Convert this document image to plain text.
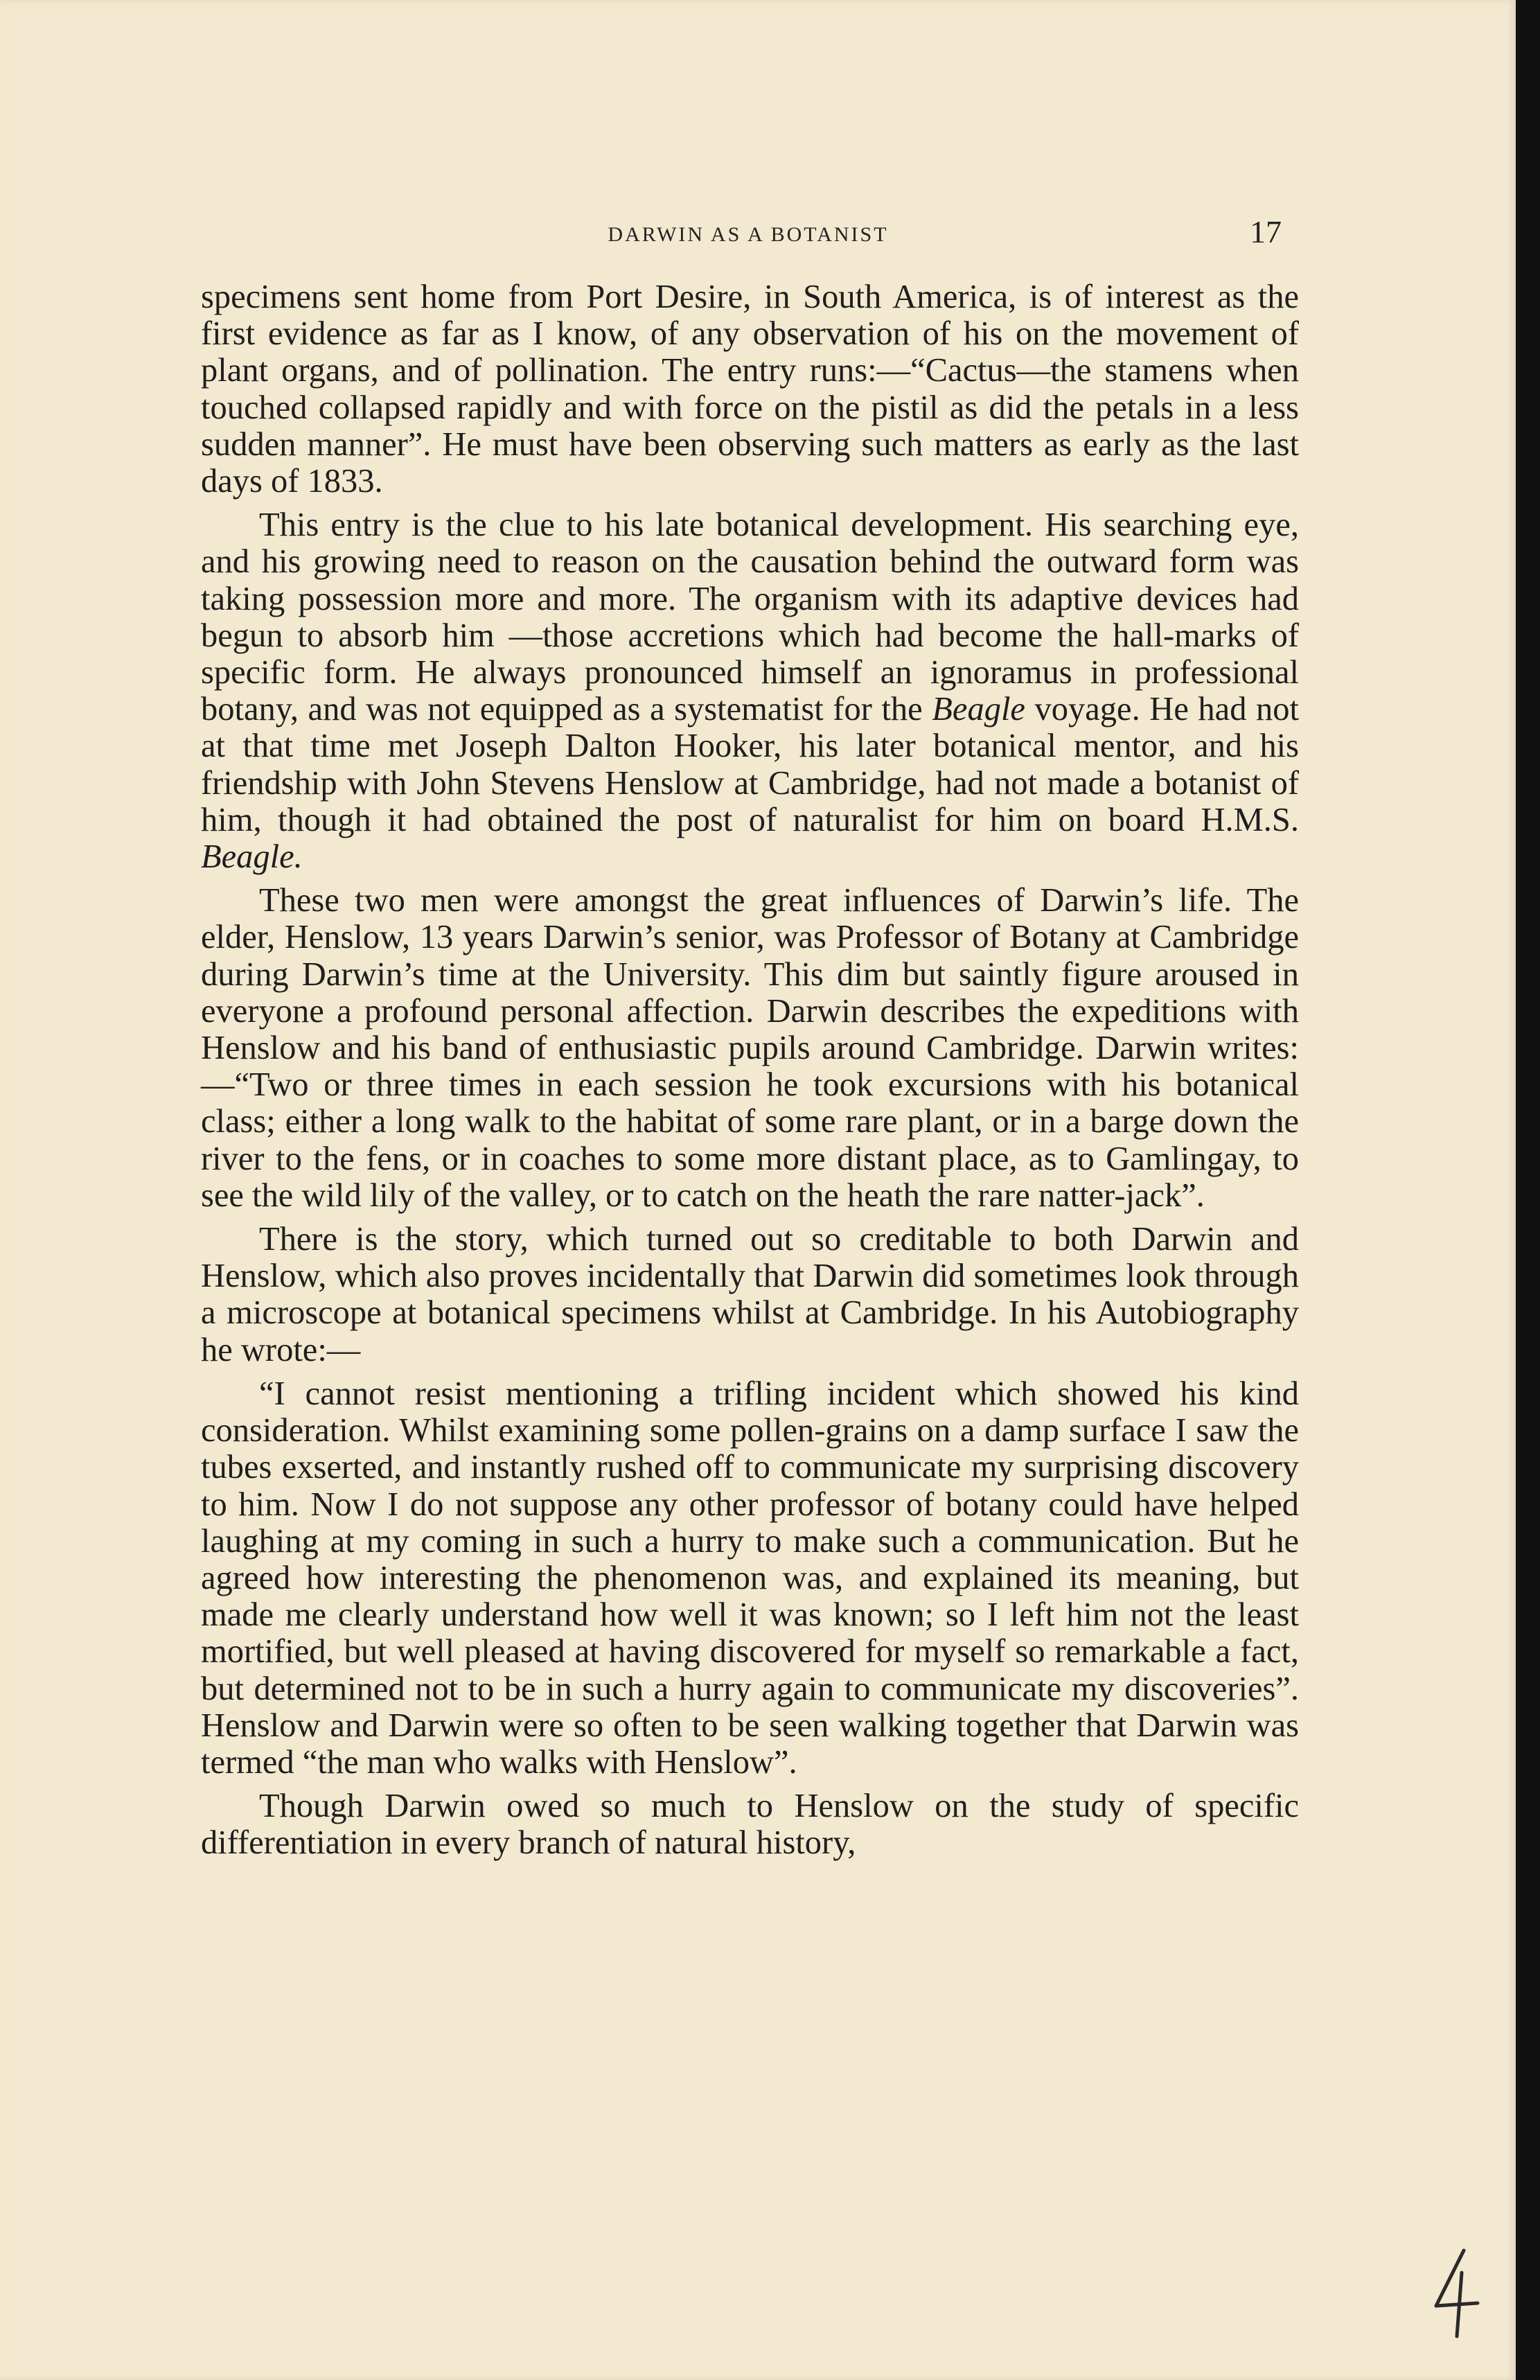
DARWIN AS A BOTANIST	17

specimens sent home from Port Desire, in South America, is of interest as the first evidence as far as I know, of any observation of his on the movement of plant organs, and of pollination. The entry runs:—“Cactus—the stamens when touched collapsed rapidly and with force on the pistil as did the petals in a less sudden manner”. He must have been observing such matters as early as the last days of 1833.

This entry is the clue to his late botanical development. His searching eye, and his growing need to reason on the causation behind the outward form was taking possession more and more. The organism with its adaptive devices had begun to absorb him —those accretions which had become the hall-marks of specific form. He always pronounced himself an ignoramus in professional botany, and was not equipped as a systematist for the Beagle voyage. He had not at that time met Joseph Dalton Hooker, his later botanical mentor, and his friendship with John Stevens Henslow at Cambridge, had not made a botanist of him, though it had obtained the post of naturalist for him on board H.M.S. Beagle.

These two men were amongst the great influences of Darwin’s life. The elder, Henslow, 13 years Darwin’s senior, was Professor of Botany at Cambridge during Darwin’s time at the University. This dim but saintly figure aroused in everyone a profound personal affection. Darwin describes the expeditions with Henslow and his band of enthusiastic pupils around Cambridge. Darwin writes:—“Two or three times in each session he took excursions with his botanical class; either a long walk to the habitat of some rare plant, or in a barge down the river to the fens, or in coaches to some more distant place, as to Gamlingay, to see the wild lily of the valley, or to catch on the heath the rare natter-jack”.

There is the story, which turned out so creditable to both Darwin and Henslow, which also proves incidentally that Darwin did sometimes look through a microscope at botanical specimens whilst at Cambridge. In his Autobiography he wrote:—

“I cannot resist mentioning a trifling incident which showed his kind consideration. Whilst examining some pollen-grains on a damp surface I saw the tubes exserted, and instantly rushed off to communicate my surprising discovery to him. Now I do not suppose any other professor of botany could have helped laughing at my coming in such a hurry to make such a communication. But he agreed how interesting the phenomenon was, and explained its meaning, but made me clearly understand how well it was known; so I left him not the least mortified, but well pleased at having discovered for myself so remarkable a fact, but determined not to be in such a hurry again to communicate my discoveries”. Henslow and Darwin were so often to be seen walking together that Darwin was termed “the man who walks with Henslow”.

Though Darwin owed so much to Henslow on the study of specific differentiation in every branch of natural history,
